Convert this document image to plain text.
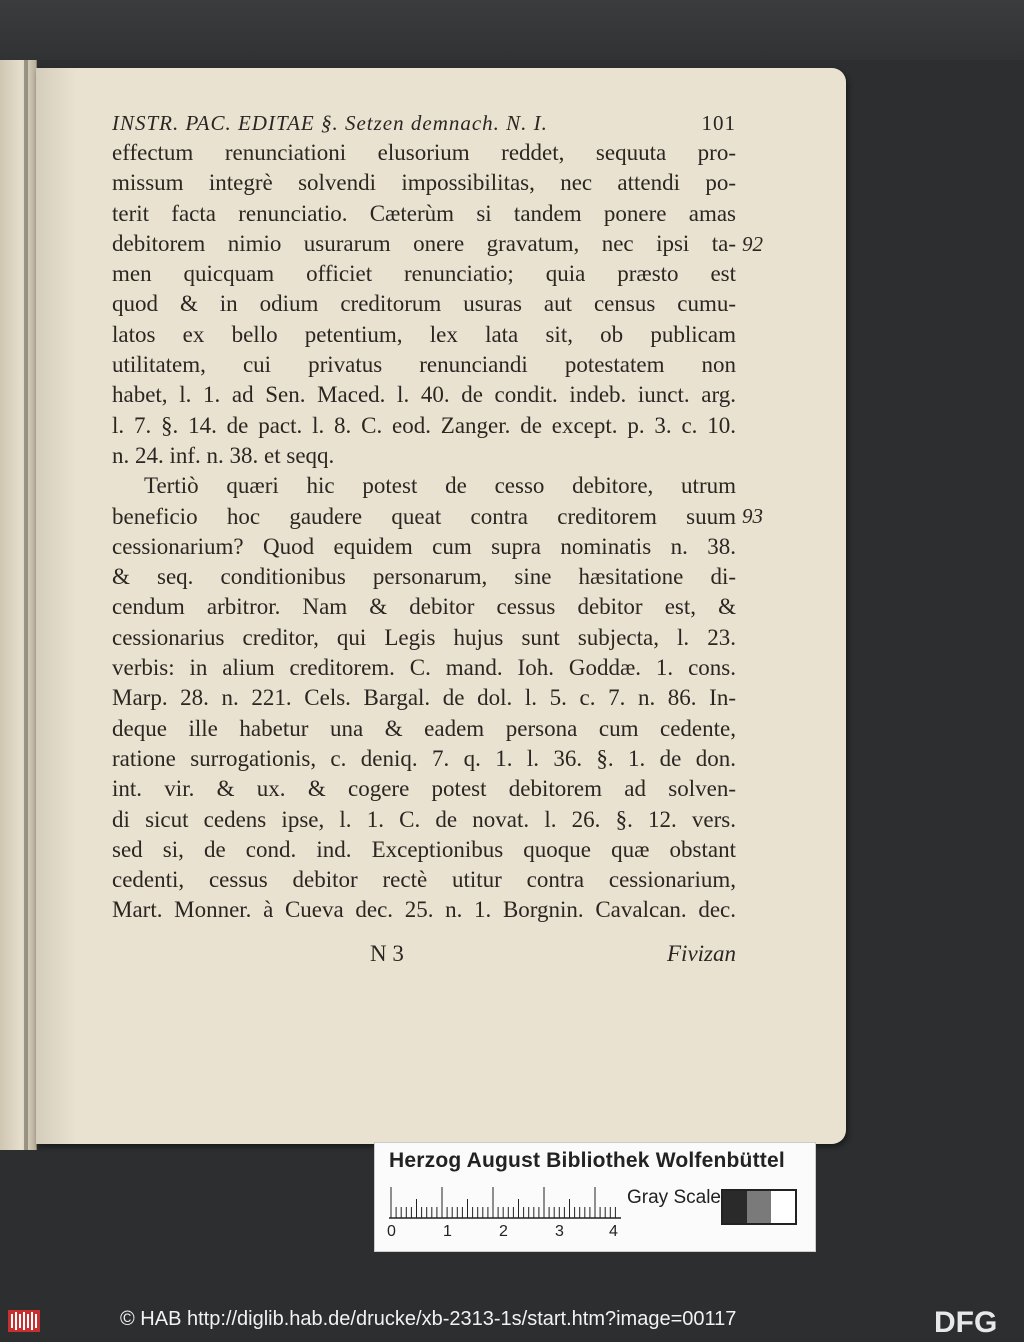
INSTR. PAC. EDITAE §. Setzen demnach. N. I.	101
effectum renunciationi elusorium reddet, sequuta pro-
missum integrè solvendi impossibilitas, nec attendi po-
terit facta renunciatio. Cæterùm si tandem ponere amas
debitorem nimio usurarum onere gravatum, nec ipsi ta-
men quicquam officiet renunciatio; quia præsto est
quod & in odium creditorum usuras aut census cumu-
latos ex bello petentium, lex lata sit, ob publicam
utilitatem, cui privatus renunciandi potestatem non
habet, l. 1. ad Sen. Maced. l. 40. de condit. indeb. iunct. arg.
l. 7. §. 14. de pact. l. 8. C. eod. Zanger. de except. p. 3. c. 10.
n. 24. inf. n. 38. et seqq.
Tertiò quæri hic potest de cesso debitore, utrum
beneficio hoc gaudere queat contra creditorem suum
cessionarium? Quod equidem cum supra nominatis n. 38.
& seq. conditionibus personarum, sine hæsitatione di-
cendum arbitror. Nam & debitor cessus debitor est, &
cessionarius creditor, qui Legis hujus sunt subjecta, l. 23.
verbis: in alium creditorem. C. mand. Ioh. Goddæ. 1. cons.
Marp. 28. n. 221. Cels. Bargal. de dol. l. 5. c. 7. n. 86. In-
deque ille habetur una & eadem persona cum cedente,
ratione surrogationis, c. deniq. 7. q. 1. l. 36. §. 1. de don.
int. vir. & ux. & cogere potest debitorem ad solven-
di sicut cedens ipse, l. 1. C. de novat. l. 26. §. 12. vers.
sed si, de cond. ind. Exceptionibus quoque quæ obstant
cedenti, cessus debitor rectè utitur contra cessionarium,
Mart. Monner. à Cueva dec. 25. n. 1. Borgnin. Cavalcan. dec.
92
93
N 3	Fivizan
Herzog August Bibliothek Wolfenbüttel
0	1	2	3	4
Gray Scale
© HAB http://diglib.hab.de/drucke/xb-2313-1s/start.htm?image=00117	DFG
